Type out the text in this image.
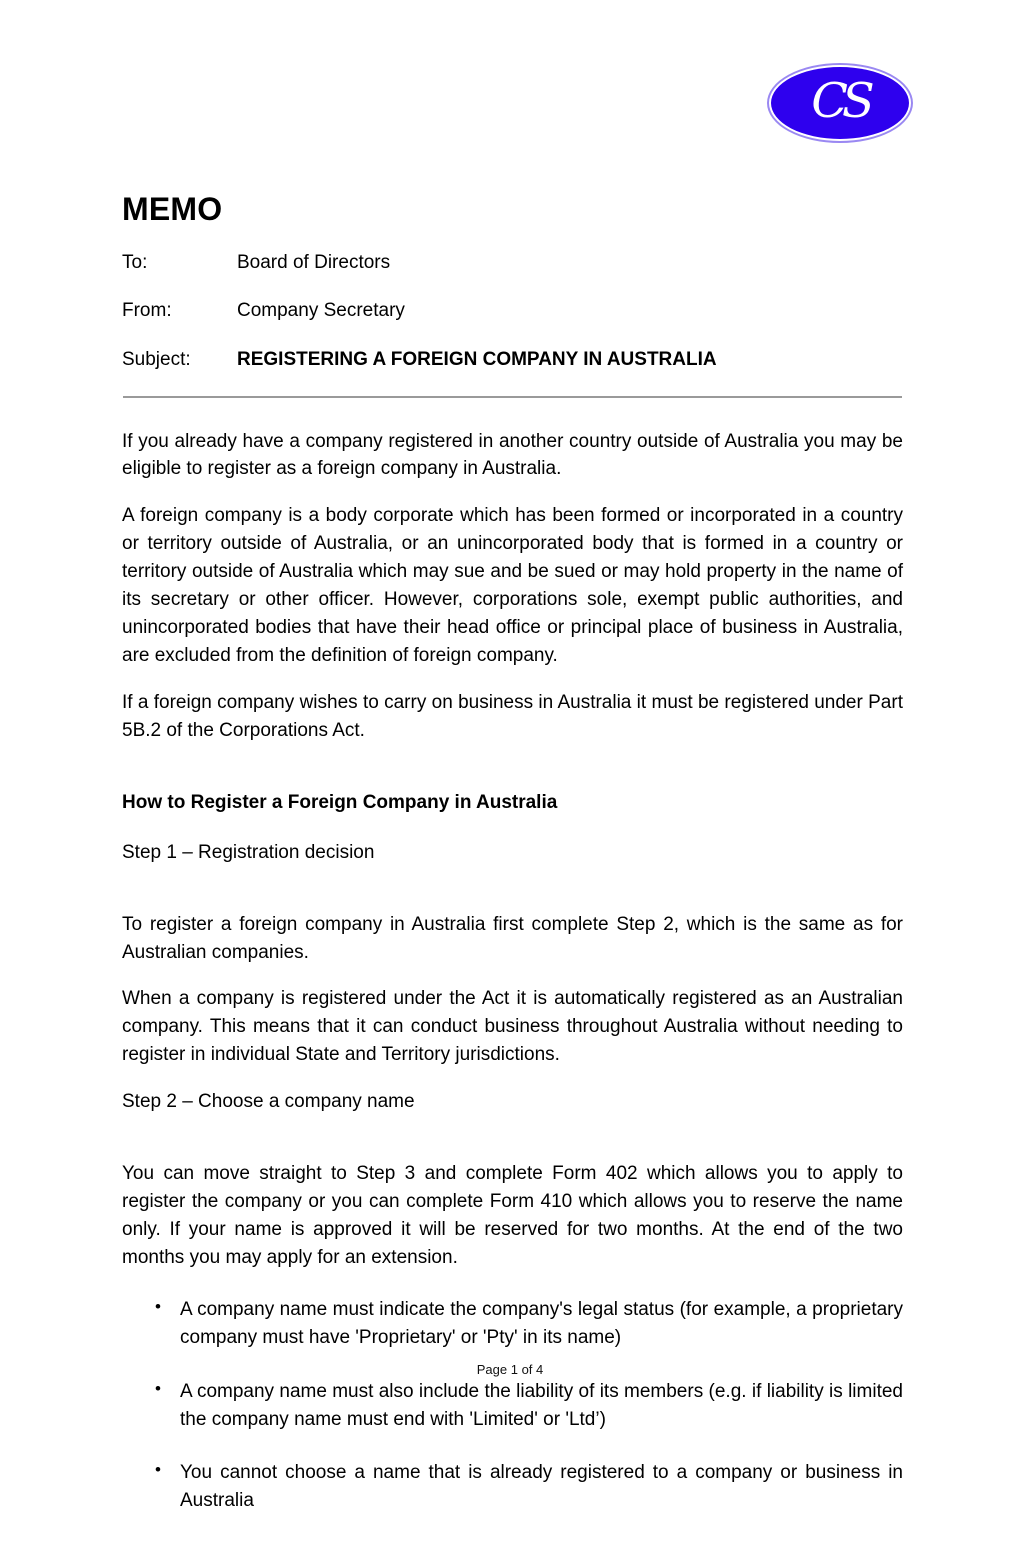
CS
MEMO
To:	Board of Directors
From:	Company Secretary
Subject:	REGISTERING A FOREIGN COMPANY IN AUSTRALIA

If you already have a company registered in another country outside of Australia you may be eligible to register as a foreign company in Australia.

A foreign company is a body corporate which has been formed or incorporated in a country or territory outside of Australia, or an unincorporated body that is formed in a country or territory outside of Australia which may sue and be sued or may hold property in the name of its secretary or other officer. However, corporations sole, exempt public authorities, and unincorporated bodies that have their head office or principal place of business in Australia, are excluded from the definition of foreign company.

If a foreign company wishes to carry on business in Australia it must be registered under Part 5B.2 of the Corporations Act.

How to Register a Foreign Company in Australia

Step 1 – Registration decision

To register a foreign company in Australia first complete Step 2, which is the same as for Australian companies.

When a company is registered under the Act it is automatically registered as an Australian company. This means that it can conduct business throughout Australia without needing to register in individual State and Territory jurisdictions.

Step 2 – Choose a company name

You can move straight to Step 3 and complete Form 402 which allows you to apply to register the company or you can complete Form 410 which allows you to reserve the name only. If your name is approved it will be reserved for two months. At the end of the two months you may apply for an extension.

• A company name must indicate the company's legal status (for example, a proprietary company must have 'Proprietary' or 'Pty' in its name)
• A company name must also include the liability of its members (e.g. if liability is limited the company name must end with 'Limited' or 'Ltd’)
• You cannot choose a name that is already registered to a company or business in Australia
Page 1 of 4
